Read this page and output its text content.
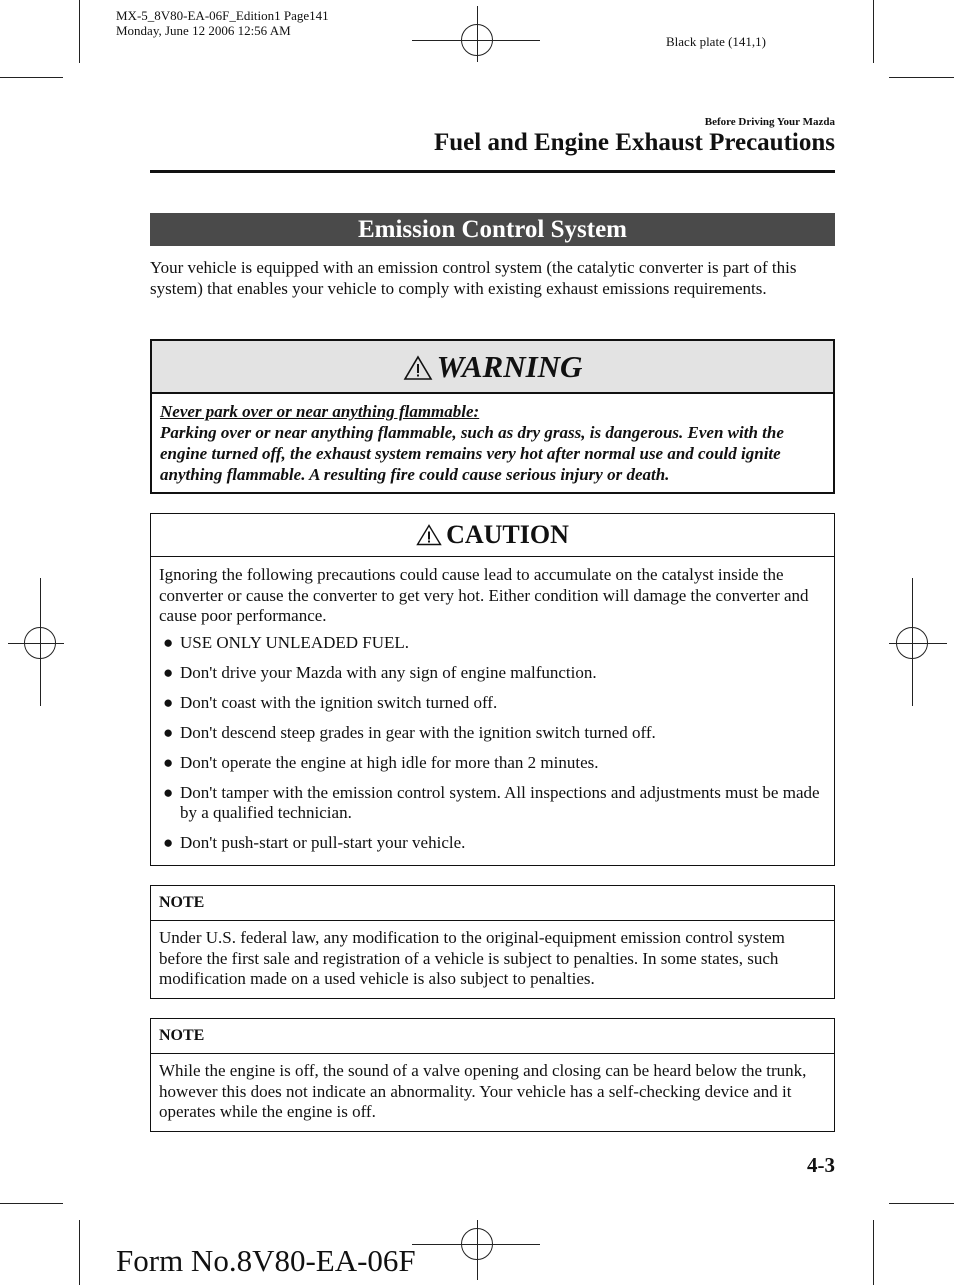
MX-5_8V80-EA-06F_Edition1 Page141
Monday, June 12 2006 12:56 AM
Black plate (141,1)
Before Driving Your Mazda
Fuel and Engine Exhaust Precautions
Emission Control System
Your vehicle is equipped with an emission control system (the catalytic converter is part of this system) that enables your vehicle to comply with existing exhaust emissions requirements.
WARNING
Never park over or near anything flammable:
Parking over or near anything flammable, such as dry grass, is dangerous. Even with the engine turned off, the exhaust system remains very hot after normal use and could ignite anything flammable. A resulting fire could cause serious injury or death.
CAUTION
Ignoring the following precautions could cause lead to accumulate on the catalyst inside the converter or cause the converter to get very hot. Either condition will damage the converter and cause poor performance.
● USE ONLY UNLEADED FUEL.
● Don't drive your Mazda with any sign of engine malfunction.
● Don't coast with the ignition switch turned off.
● Don't descend steep grades in gear with the ignition switch turned off.
● Don't operate the engine at high idle for more than 2 minutes.
● Don't tamper with the emission control system. All inspections and adjustments must be made by a qualified technician.
● Don't push-start or pull-start your vehicle.
NOTE
Under U.S. federal law, any modification to the original-equipment emission control system before the first sale and registration of a vehicle is subject to penalties. In some states, such modification made on a used vehicle is also subject to penalties.
NOTE
While the engine is off, the sound of a valve opening and closing can be heard below the trunk, however this does not indicate an abnormality. Your vehicle has a self-checking device and it operates while the engine is off.
4-3
Form No.8V80-EA-06F
